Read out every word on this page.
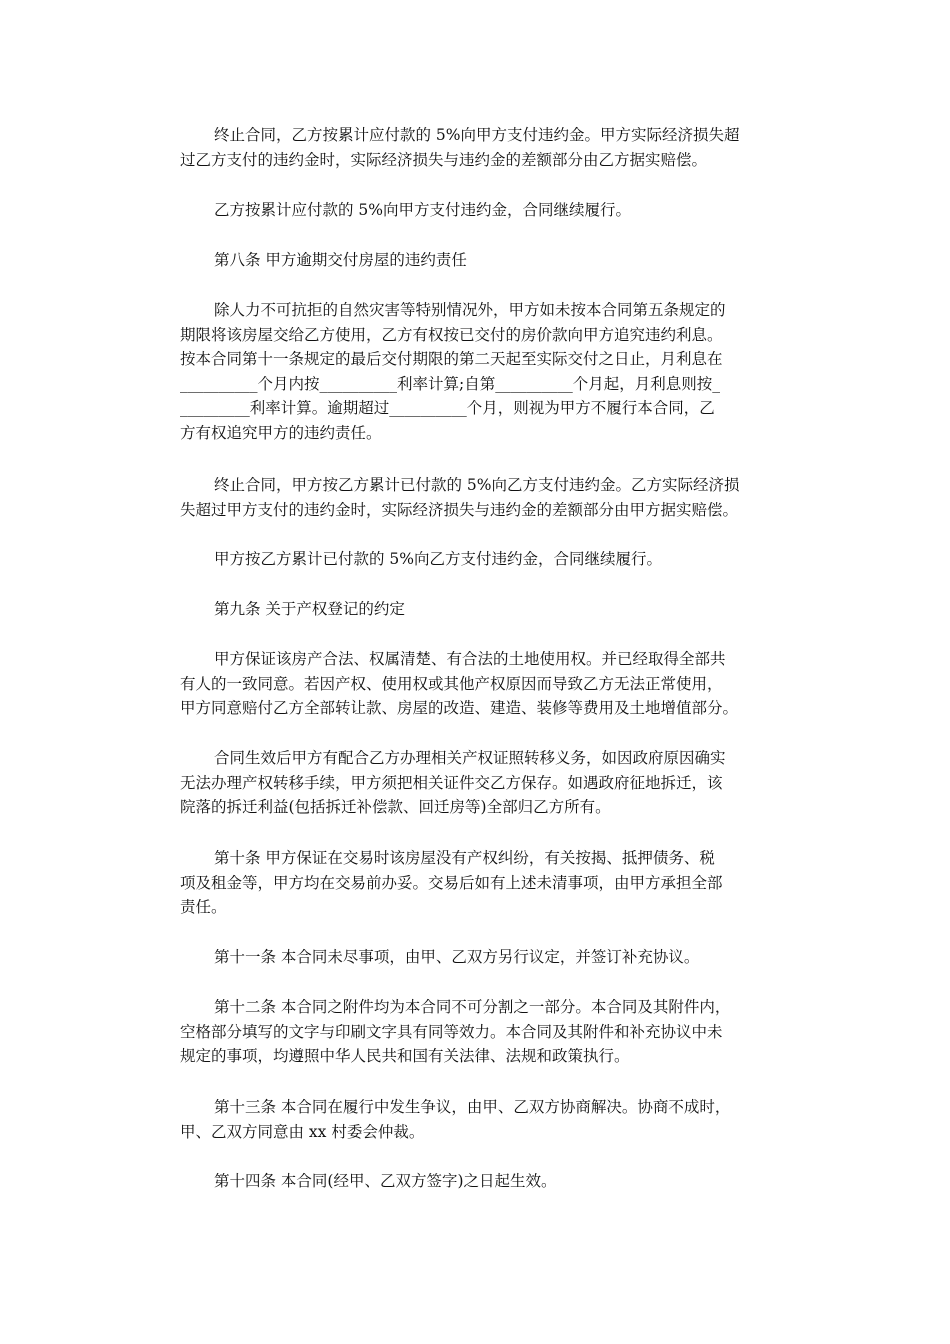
终止合同，乙方按累计应付款的 5%向甲方支付违约金。甲方实际经济损失超
过乙方支付的违约金时，实际经济损失与违约金的差额部分由乙方据实赔偿。
乙方按累计应付款的 5%向甲方支付违约金，合同继续履行。
第八条 甲方逾期交付房屋的违约责任
除人力不可抗拒的自然灾害等特别情况外，甲方如未按本合同第五条规定的
期限将该房屋交给乙方使用，乙方有权按已交付的房价款向甲方追究违约利息。
按本合同第十一条规定的最后交付期限的第二天起至实际交付之日止，月利息在
__________个月内按__________利率计算;自第__________个月起，月利息则按_
_________利率计算。逾期超过__________个月，则视为甲方不履行本合同，乙
方有权追究甲方的违约责任。
终止合同，甲方按乙方累计已付款的 5%向乙方支付违约金。乙方实际经济损
失超过甲方支付的违约金时，实际经济损失与违约金的差额部分由甲方据实赔偿。
甲方按乙方累计已付款的 5%向乙方支付违约金，合同继续履行。
第九条 关于产权登记的约定
甲方保证该房产合法、权属清楚、有合法的土地使用权。并已经取得全部共
有人的一致同意。若因产权、使用权或其他产权原因而导致乙方无法正常使用，
甲方同意赔付乙方全部转让款、房屋的改造、建造、装修等费用及土地增值部分。
合同生效后甲方有配合乙方办理相关产权证照转移义务，如因政府原因确实
无法办理产权转移手续，甲方须把相关证件交乙方保存。如遇政府征地拆迁，该
院落的拆迁利益(包括拆迁补偿款、回迁房等)全部归乙方所有。
第十条 甲方保证在交易时该房屋没有产权纠纷，有关按揭、抵押债务、税
项及租金等，甲方均在交易前办妥。交易后如有上述未清事项，由甲方承担全部
责任。
第十一条 本合同未尽事项，由甲、乙双方另行议定，并签订补充协议。
第十二条 本合同之附件均为本合同不可分割之一部分。本合同及其附件内，
空格部分填写的文字与印刷文字具有同等效力。本合同及其附件和补充协议中未
规定的事项，均遵照中华人民共和国有关法律、法规和政策执行。
第十三条 本合同在履行中发生争议，由甲、乙双方协商解决。协商不成时，
甲、乙双方同意由 xx 村委会仲裁。
第十四条 本合同(经甲、乙双方签字)之日起生效。
